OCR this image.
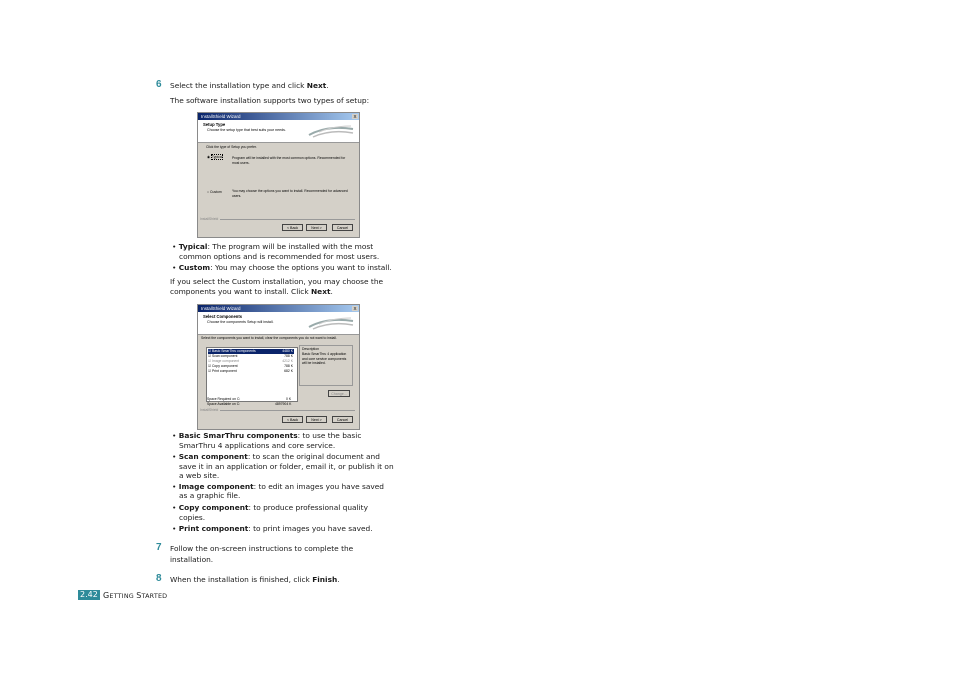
6 Select the installation type and click Next.
The software installation supports two types of setup:
InstallShield Wizard	X
Setup Type
Choose the setup type that best suits your needs.
Click the type of Setup you prefer.
◉ Typical	Program will be installed with the most common options. Recommended for most users.
○ Custom	You may choose the options you want to install. Recommended for advanced users.
InstallShield
< Back	Next >	Cancel
• Typical: The program will be installed with the most
common options and is recommended for most users.
• Custom: You may choose the options you want to install.
If you select the Custom installation, you may choose the
components you want to install. Click Next.
InstallShield Wizard	X
Select Components
Choose the components Setup will install.
Select the components you want to install, clear the components you do not want to install.
☑ Basic SmarThru components	4480 K
☑ Scan component	788 K
☑ Image component	4212 K
☑ Copy component	788 K
☑ Print component	682 K
Description
Basic SmarThru 4 application and core service components will be installed.
Change...
Space Required on C:	0 K
Space Available on C:	4897904 K
InstallShield
< Back	Next >	Cancel
• Basic SmarThru components: to use the basic
SmarThru 4 applications and core service.
• Scan component: to scan the original document and
save it in an application or folder, email it, or publish it on
a web site.
• Image component: to edit an images you have saved
as a graphic file.
• Copy component: to produce professional quality
copies.
• Print component: to print images you have saved.
7 Follow the on-screen instructions to complete the
installation.
8 When the installation is finished, click Finish.
2.42 GETTING STARTED
